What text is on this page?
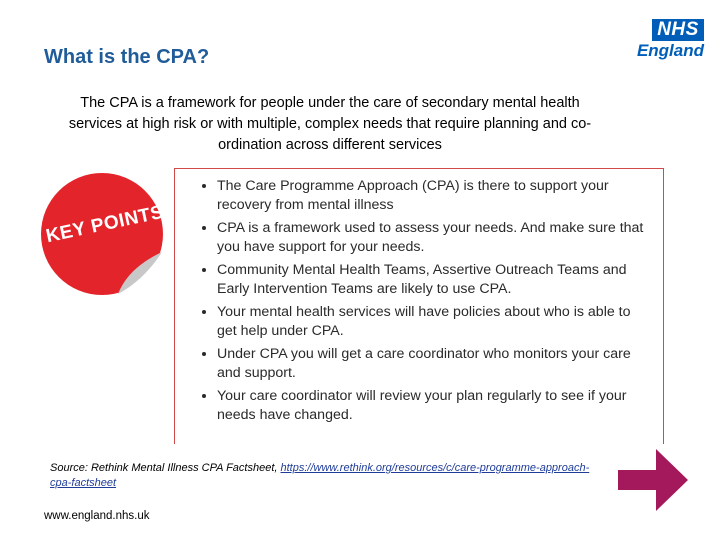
What is the CPA?
NHS
England
The CPA is a framework for people under the care of secondary mental health services at high risk or with multiple, complex needs that require planning and co-ordination across different services
KEY POINTS
• The Care Programme Approach (CPA) is there to support your recovery from mental illness
• CPA is a framework used to assess your needs. And make sure that you have support for your needs.
• Community Mental Health Teams, Assertive Outreach Teams and Early Intervention Teams are likely to use CPA.
• Your mental health services will have policies about who is able to get help under CPA.
• Under CPA you will get a care coordinator who monitors your care and support.
• Your care coordinator will review your plan regularly to see if your needs have changed.
Source: Rethink Mental Illness CPA Factsheet, https://www.rethink.org/resources/c/care-programme-approach-cpa-factsheet
www.england.nhs.uk
